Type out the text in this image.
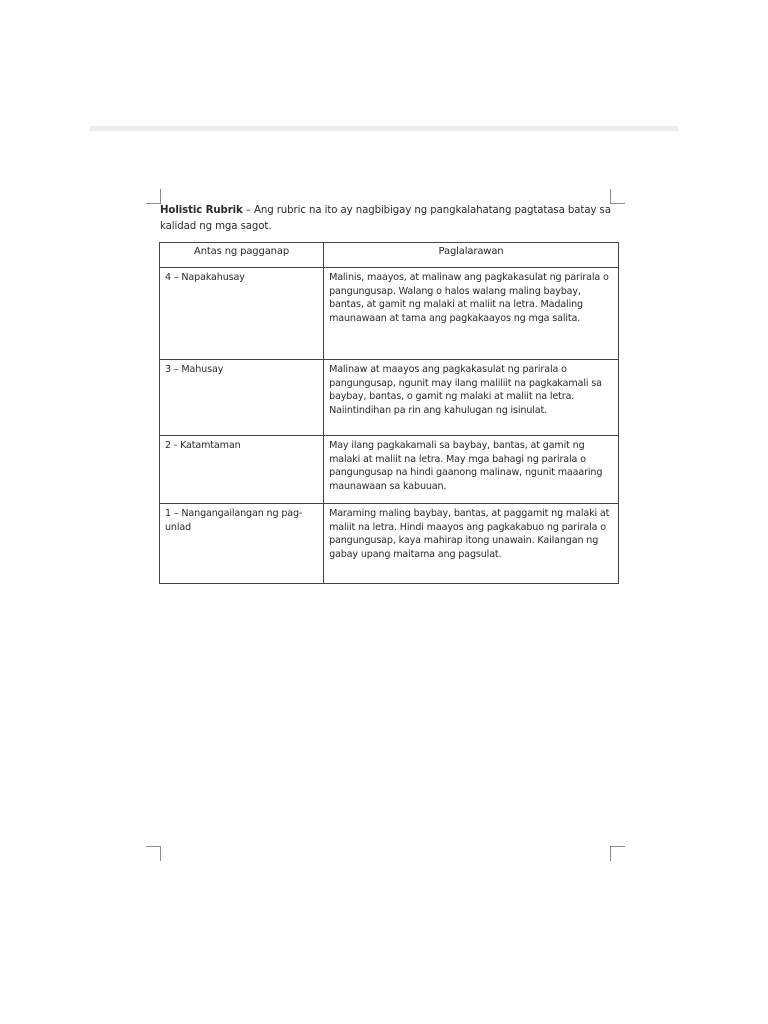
Holistic Rubrik – Ang rubric na ito ay nagbibigay ng pangkalahatang pagtatasa batay sa kalidad ng mga sagot.

Antas ng pagganap	Paglalarawan
4 – Napakahusay	Malinis, maayos, at malinaw ang pagkakasulat ng parirala o pangungusap. Walang o halos walang maling baybay, bantas, at gamit ng malaki at maliit na letra. Madaling maunawaan at tama ang pagkakaayos ng mga salita.
3 – Mahusay	Malinaw at maayos ang pagkakasulat ng parirala o pangungusap, ngunit may ilang maliliit na pagkakamali sa baybay, bantas, o gamit ng malaki at maliit na letra. Naiintindihan pa rin ang kahulugan ng isinulat.
2 - Katamtaman	May ilang pagkakamali sa baybay, bantas, at gamit ng malaki at maliit na letra. May mga bahagi ng parirala o pangungusap na hindi gaanong malinaw, ngunit maaaring maunawaan sa kabuuan.
1 – Nangangailangan ng pag-unlad	Maraming maling baybay, bantas, at paggamit ng malaki at maliit na letra. Hindi maayos ang pagkakabuo ng parirala o pangungusap, kaya mahirap itong unawain. Kailangan ng gabay upang maitama ang pagsulat.
